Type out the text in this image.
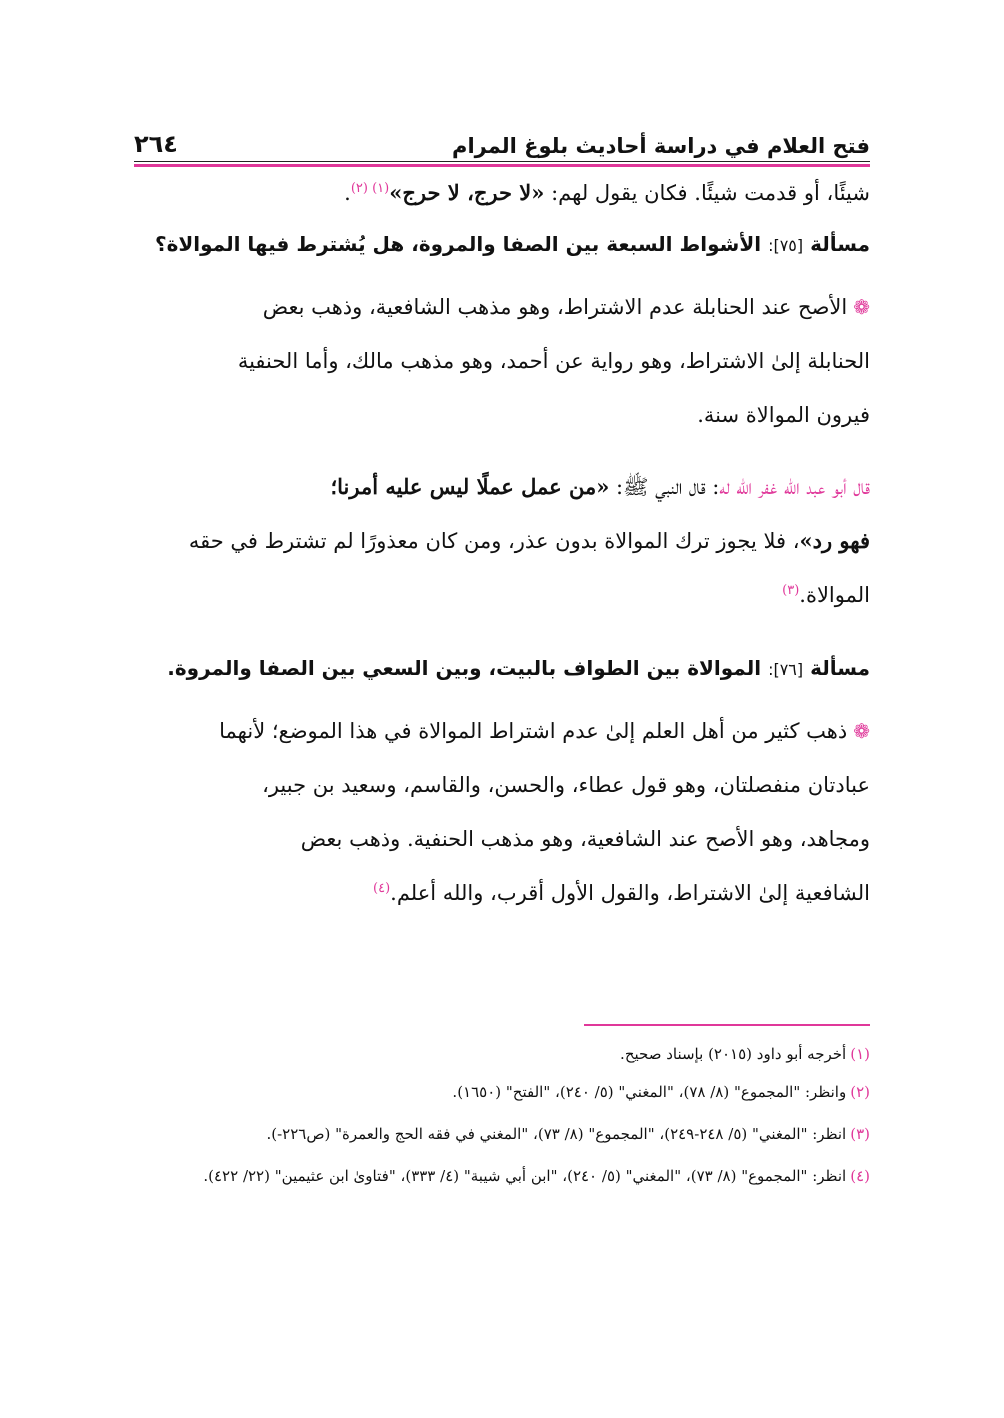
٢٦٤	فتح العلام في دراسة أحاديث بلوغ المرام
شيئًا، أو قدمت شيئًا. فكان يقول لهم: «لا حرج، لا حرج»$^{(١) (٢)}$.
مسألة [٧٥]: الأشواط السبعة بين الصفا والمروة، هل يُشترط فيها الموالاة؟
❁الأصح عند الحنابلة عدم الاشتراط، وهو مذهب الشافعية، وذهب بعض
الحنابلة إلىٰ الاشتراط، وهو رواية عن أحمد، وهو مذهب مالك، وأما الحنفية
فيرون الموالاة سنة.
قال أبو عبد الله غفر الله له: قال النبي ﷺ: «من عمل عملًا ليس عليه أمرنا؛
فهو رد»، فلا يجوز ترك الموالاة بدون عذر، ومن كان معذورًا لم تشترط في حقه
الموالاة.$^{(٣)}$
مسألة [٧٦]: الموالاة بين الطواف بالبيت، وبين السعي بين الصفا والمروة.
❁ذهب كثير من أهل العلم إلىٰ عدم اشتراط الموالاة في هذا الموضع؛ لأنهما
عبادتان منفصلتان، وهو قول عطاء، والحسن، والقاسم، وسعيد بن جبير،
ومجاهد، وهو الأصح عند الشافعية، وهو مذهب الحنفية. وذهب بعض
الشافعية إلىٰ الاشتراط، والقول الأول أقرب، والله أعلم.$^{(٤)}$
(١)أخرجه أبو داود (٢٠١٥) بإسناد صحيح.
(٢)وانظر: "المجموع" (٨/ ٧٨)، "المغني" (٥/ ٢٤٠)، "الفتح" (١٦٥٠).
(٣)انظر: "المغني" (٥/ ٢٤٨-٢٤٩)، "المجموع" (٨/ ٧٣)، "المغني في فقه الحج والعمرة" (ص٢٢٦-).
(٤)انظر: "المجموع" (٨/ ٧٣)، "المغني" (٥/ ٢٤٠)، "ابن أبي شيبة" (٤/ ٣٣٣)، "فتاوىٰ ابن عثيمين" (٢٢/ ٤٢٢).
